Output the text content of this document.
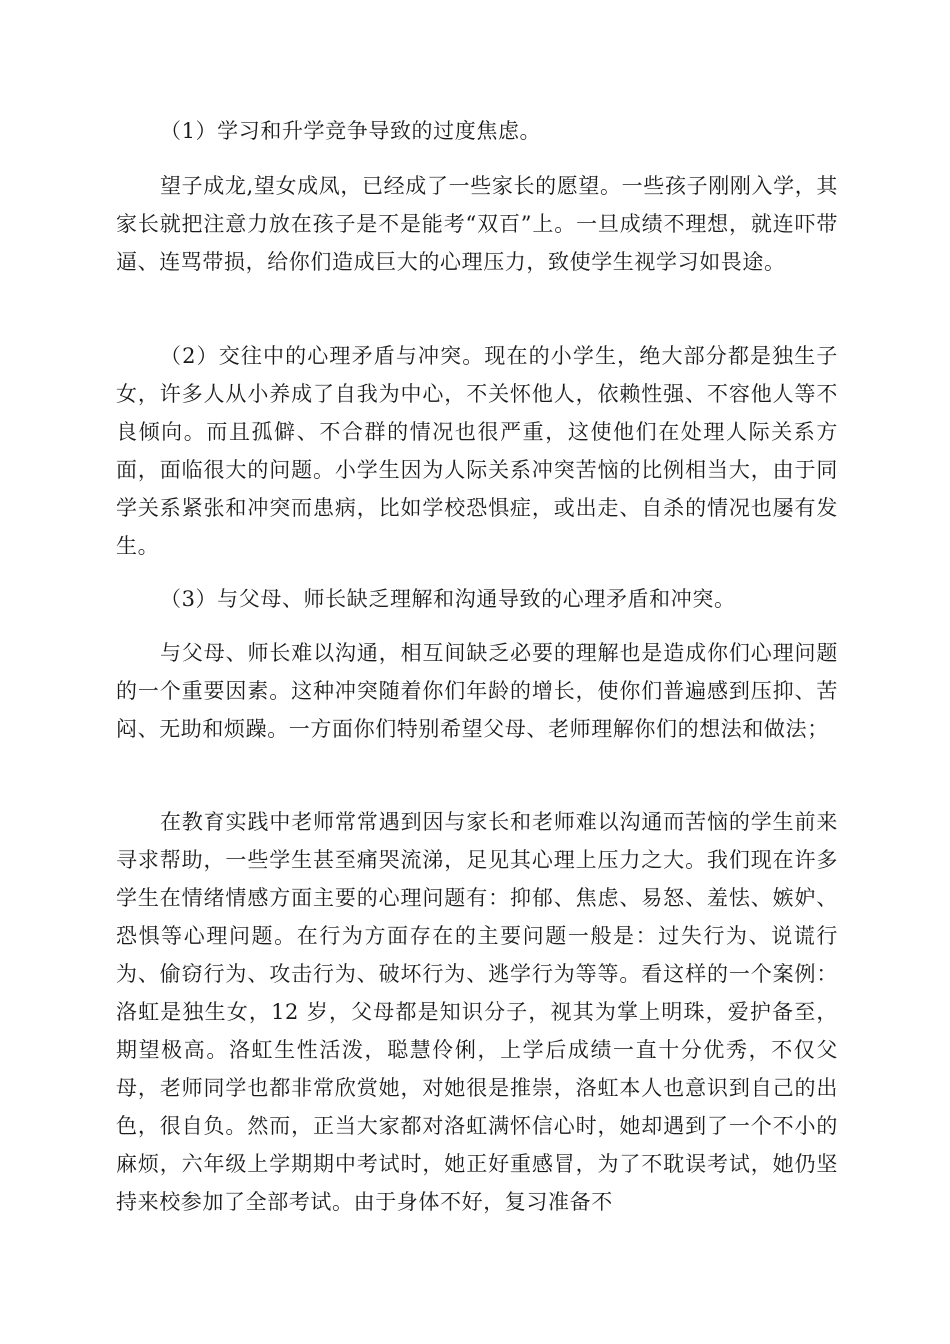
（1）学习和升学竞争导致的过度焦虑。

望子成龙,望女成凤，已经成了一些家长的愿望。一些孩子刚刚入学，其家长就把注意力放在孩子是不是能考“双百”上。一旦成绩不理想，就连吓带逼、连骂带损，给你们造成巨大的心理压力，致使学生视学习如畏途。

（2）交往中的心理矛盾与冲突。现在的小学生，绝大部分都是独生子女，许多人从小养成了自我为中心，不关怀他人，依赖性强、不容他人等不良倾向。而且孤僻、不合群的情况也很严重，这使他们在处理人际关系方面，面临很大的问题。小学生因为人际关系冲突苦恼的比例相当大，由于同学关系紧张和冲突而患病，比如学校恐惧症，或出走、自杀的情况也屡有发生。

（3）与父母、师长缺乏理解和沟通导致的心理矛盾和冲突。

与父母、师长难以沟通，相互间缺乏必要的理解也是造成你们心理问题的一个重要因素。这种冲突随着你们年龄的增长，使你们普遍感到压抑、苦闷、无助和烦躁。一方面你们特别希望父母、老师理解你们的想法和做法；

在教育实践中老师常常遇到因与家长和老师难以沟通而苦恼的学生前来寻求帮助，一些学生甚至痛哭流涕，足见其心理上压力之大。我们现在许多学生在情绪情感方面主要的心理问题有：抑郁、焦虑、易怒、羞怯、嫉妒、恐惧等心理问题。在行为方面存在的主要问题一般是：过失行为、说谎行为、偷窃行为、攻击行为、破坏行为、逃学行为等等。看这样的一个案例：洛虹是独生女，12 岁，父母都是知识分子，视其为掌上明珠，爱护备至，期望极高。洛虹生性活泼，聪慧伶俐，上学后成绩一直十分优秀，不仅父母，老师同学也都非常欣赏她，对她很是推崇，洛虹本人也意识到自己的出色，很自负。然而，正当大家都对洛虹满怀信心时，她却遇到了一个不小的麻烦，六年级上学期期中考试时，她正好重感冒，为了不耽误考试，她仍坚持来校参加了全部考试。由于身体不好，复习准备不
